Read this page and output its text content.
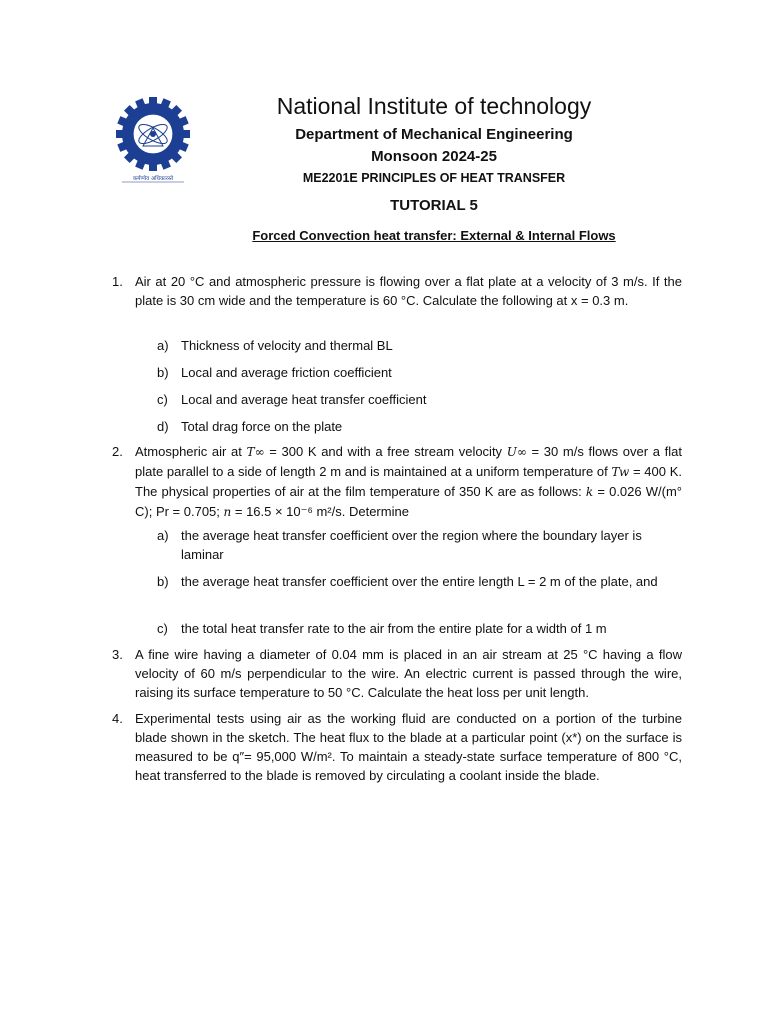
कर्मण्येव अधिकारस्ते
National Institute of technology
Department of Mechanical Engineering
Monsoon 2024-25
ME2201E PRINCIPLES OF HEAT TRANSFER
TUTORIAL 5
Forced Convection heat transfer: External & Internal Flows
1. Air at 20 °C and atmospheric pressure is flowing over a flat plate at a velocity of 3 m/s. If the plate is 30 cm wide and the temperature is 60 °C. Calculate the following at x = 0.3 m.
a) Thickness of velocity and thermal BL
b) Local and average friction coefficient
c) Local and average heat transfer coefficient
d) Total drag force on the plate
2. Atmospheric air at T∞ = 300 K and with a free stream velocity U∞ = 30 m/s flows over a flat plate parallel to a side of length 2 m and is maintained at a uniform temperature of Tw = 400 K. The physical properties of air at the film temperature of 350 K are as follows: k = 0.026 W/(m° C); Pr = 0.705; n = 16.5 × 10⁻⁶ m²/s. Determine
a) the average heat transfer coefficient over the region where the boundary layer is laminar
b) the average heat transfer coefficient over the entire length L = 2 m of the plate, and
c) the total heat transfer rate to the air from the entire plate for a width of 1 m
3. A fine wire having a diameter of 0.04 mm is placed in an air stream at 25 °C having a flow velocity of 60 m/s perpendicular to the wire. An electric current is passed through the wire, raising its surface temperature to 50 °C. Calculate the heat loss per unit length.
4. Experimental tests using air as the working fluid are conducted on a portion of the turbine blade shown in the sketch. The heat flux to the blade at a particular point (x*) on the surface is measured to be q″= 95,000 W/m². To maintain a steady-state surface temperature of 800 °C, heat transferred to the blade is removed by circulating a coolant inside the blade.
